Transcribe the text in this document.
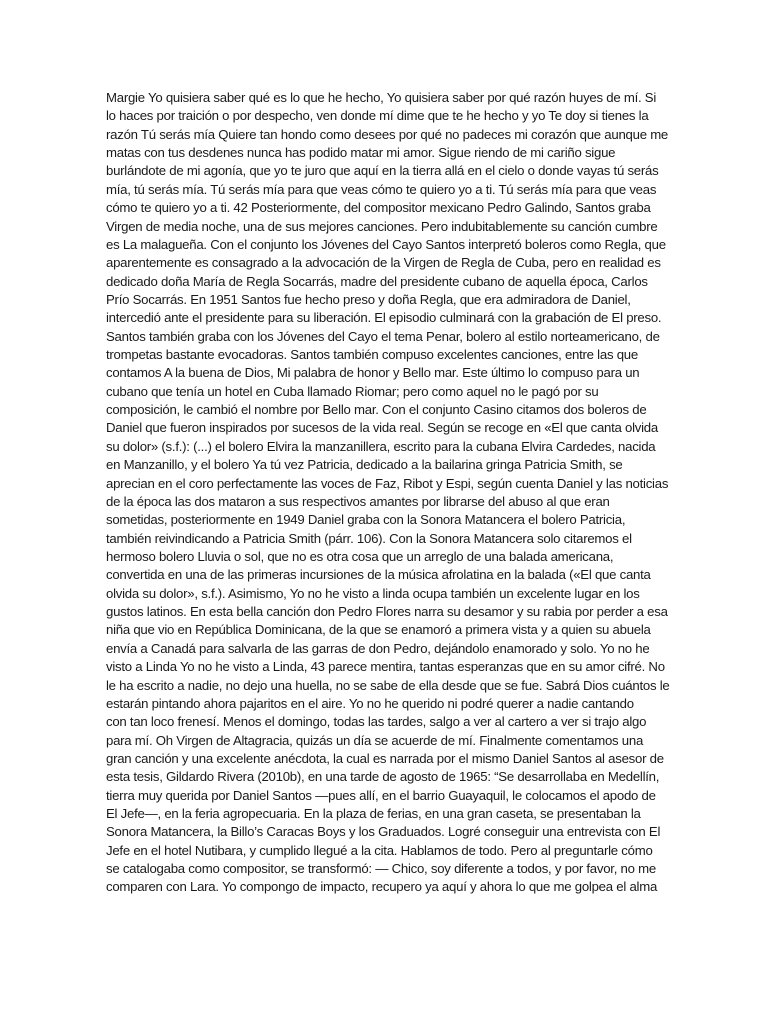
Margie Yo quisiera saber qué es lo que he hecho, Yo quisiera saber por qué razón huyes de mí. Si
lo haces por traición o por despecho, ven donde mí dime que te he hecho y yo Te doy si tienes la
razón Tú serás mía Quiere tan hondo como desees por qué no padeces mi corazón que aunque me
matas con tus desdenes nunca has podido matar mi amor. Sigue riendo de mi cariño sigue
burlándote de mi agonía, que yo te juro que aquí en la tierra allá en el cielo o donde vayas tú serás
mía, tú serás mía. Tú serás mía para que veas cómo te quiero yo a ti. Tú serás mía para que veas
cómo te quiero yo a ti. 42 Posteriormente, del compositor mexicano Pedro Galindo, Santos graba
Virgen de media noche, una de sus mejores canciones. Pero indubitablemente su canción cumbre
es La malagueña. Con el conjunto los Jóvenes del Cayo Santos interpretó boleros como Regla, que
aparentemente es consagrado a la advocación de la Virgen de Regla de Cuba, pero en realidad es
dedicado doña María de Regla Socarrás, madre del presidente cubano de aquella época, Carlos
Prío Socarrás. En 1951 Santos fue hecho preso y doña Regla, que era admiradora de Daniel,
intercedió ante el presidente para su liberación. El episodio culminará con la grabación de El preso.
Santos también graba con los Jóvenes del Cayo el tema Penar, bolero al estilo norteamericano, de
trompetas bastante evocadoras. Santos también compuso excelentes canciones, entre las que
contamos A la buena de Dios, Mi palabra de honor y Bello mar. Este último lo compuso para un
cubano que tenía un hotel en Cuba llamado Riomar; pero como aquel no le pagó por su
composición, le cambió el nombre por Bello mar. Con el conjunto Casino citamos dos boleros de
Daniel que fueron inspirados por sucesos de la vida real. Según se recoge en «El que canta olvida
su dolor» (s.f.): (...) el bolero Elvira la manzanillera, escrito para la cubana Elvira Cardedes, nacida
en Manzanillo, y el bolero Ya tú vez Patricia, dedicado a la bailarina gringa Patricia Smith, se
aprecian en el coro perfectamente las voces de Faz, Ribot y Espi, según cuenta Daniel y las noticias
de la época las dos mataron a sus respectivos amantes por librarse del abuso al que eran
sometidas, posteriormente en 1949 Daniel graba con la Sonora Matancera el bolero Patricia,
también reivindicando a Patricia Smith (párr. 106). Con la Sonora Matancera solo citaremos el
hermoso bolero Lluvia o sol, que no es otra cosa que un arreglo de una balada americana,
convertida en una de las primeras incursiones de la música afrolatina en la balada («El que canta
olvida su dolor», s.f.). Asimismo, Yo no he visto a linda ocupa también un excelente lugar en los
gustos latinos. En esta bella canción don Pedro Flores narra su desamor y su rabia por perder a esa
niña que vio en República Dominicana, de la que se enamoró a primera vista y a quien su abuela
envía a Canadá para salvarla de las garras de don Pedro, dejándolo enamorado y solo. Yo no he
visto a Linda Yo no he visto a Linda, 43 parece mentira, tantas esperanzas que en su amor cifré. No
le ha escrito a nadie, no dejo una huella, no se sabe de ella desde que se fue. Sabrá Dios cuántos le
estarán pintando ahora pajaritos en el aire. Yo no he querido ni podré querer a nadie cantando
con tan loco frenesí. Menos el domingo, todas las tardes, salgo a ver al cartero a ver si trajo algo
para mí. Oh Virgen de Altagracia, quizás un día se acuerde de mí. Finalmente comentamos una
gran canción y una excelente anécdota, la cual es narrada por el mismo Daniel Santos al asesor de
esta tesis, Gildardo Rivera (2010b), en una tarde de agosto de 1965: “Se desarrollaba en Medellín,
tierra muy querida por Daniel Santos —pues allí, en el barrio Guayaquil, le colocamos el apodo de
El Jefe—, en la feria agropecuaria. En la plaza de ferias, en una gran caseta, se presentaban la
Sonora Matancera, la Billo’s Caracas Boys y los Graduados. Logré conseguir una entrevista con El
Jefe en el hotel Nutibara, y cumplido llegué a la cita. Hablamos de todo. Pero al preguntarle cómo
se catalogaba como compositor, se transformó: — Chico, soy diferente a todos, y por favor, no me
comparen con Lara. Yo compongo de impacto, recupero ya aquí y ahora lo que me golpea el alma
